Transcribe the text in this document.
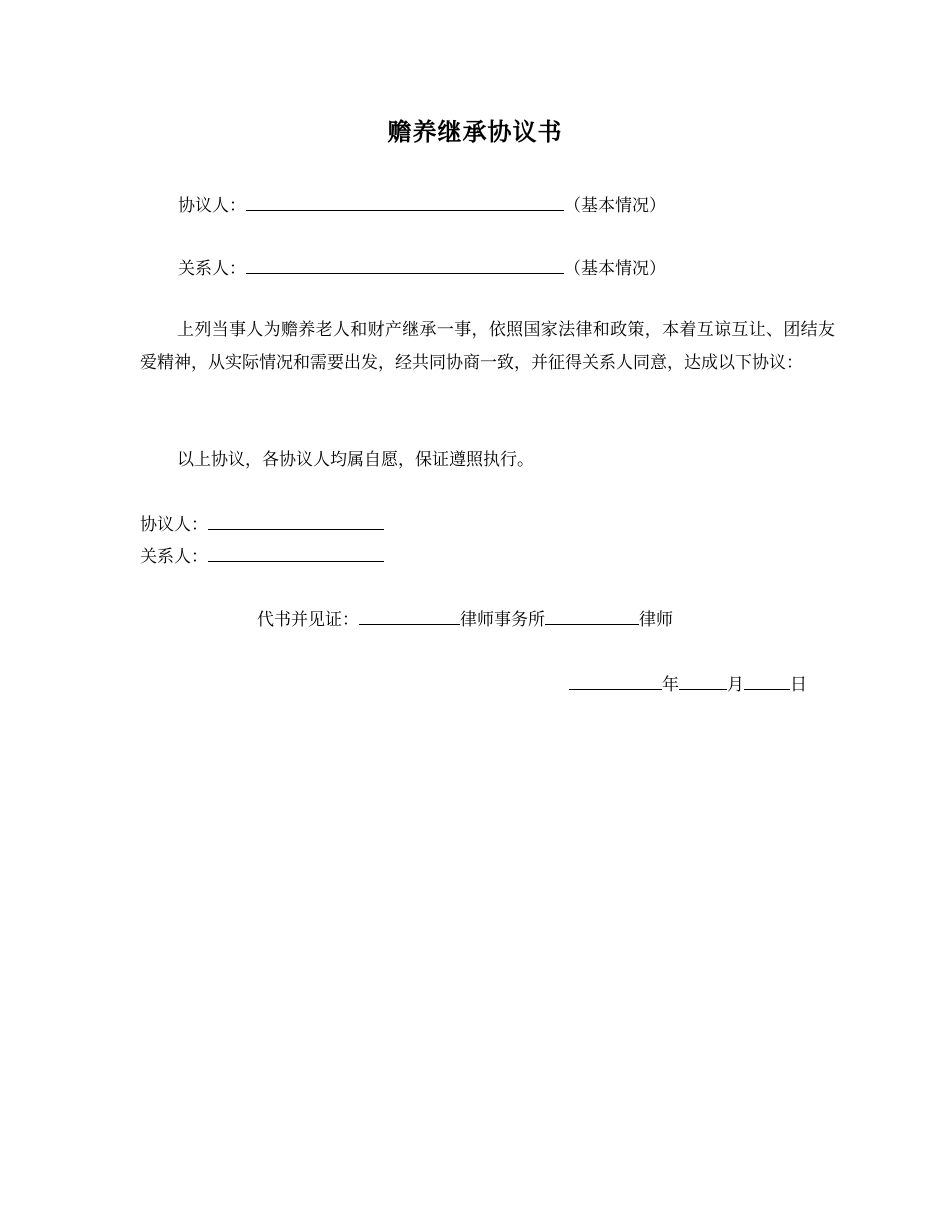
赡养继承协议书
协议人：	（基本情况）
关系人：	（基本情况）
上列当事人为赡养老人和财产继承一事，依照国家法律和政策，本着互谅互让、团结友爱精神，从实际情况和需要出发，经共同协商一致，并征得关系人同意，达成以下协议：
以上协议，各协议人均属自愿，保证遵照执行。
协议人：
关系人：
代书并见证：	律师事务所	律师
年	月	日
